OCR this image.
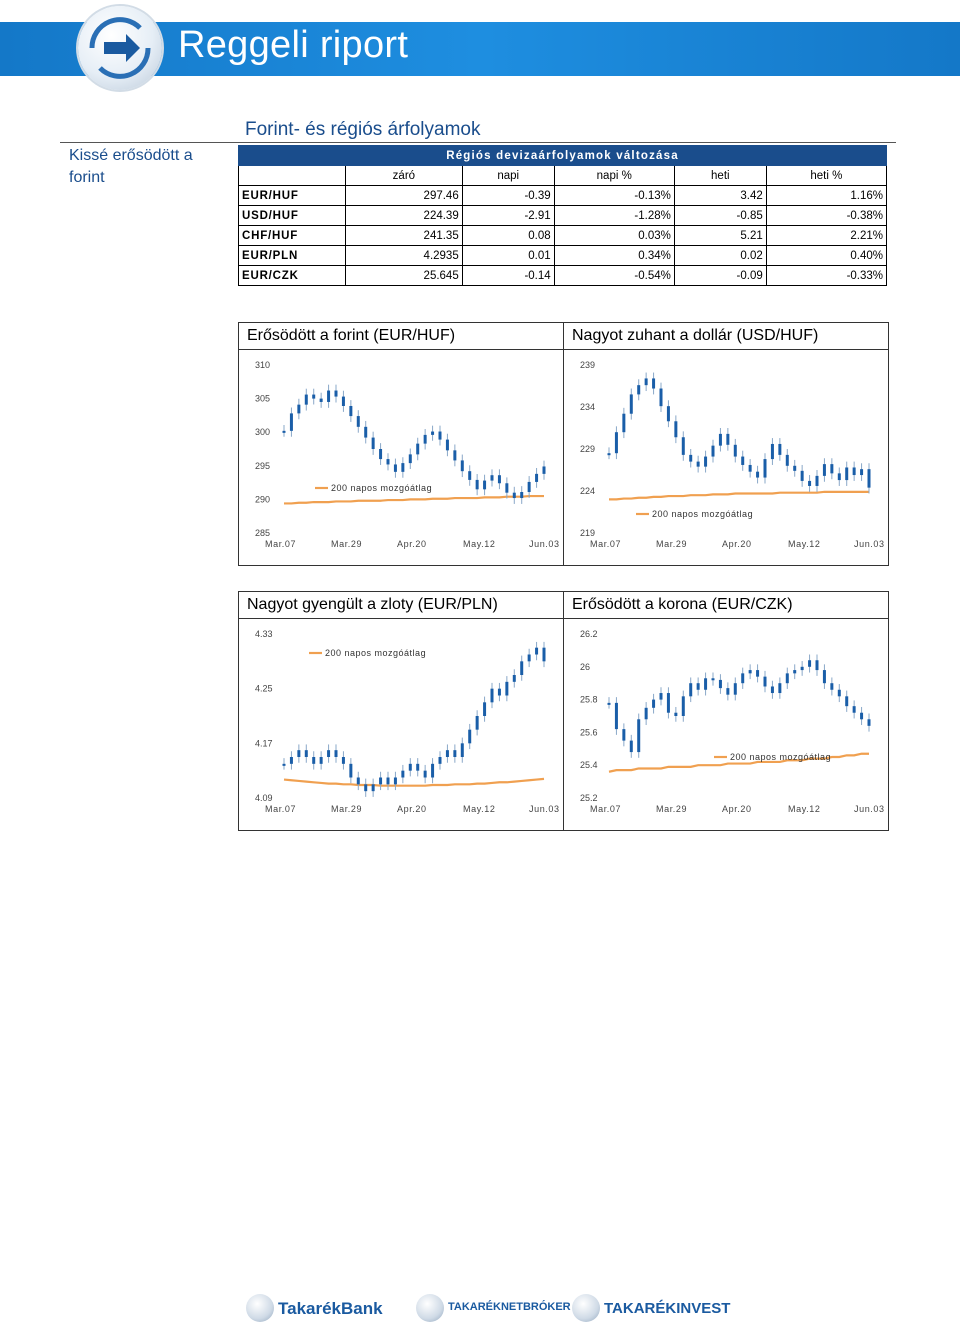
Reggeli riport
Forint- és régiós árfolyamok
Kissé erősödött a forint
Régiós devizaárfolyamok változása					
	záró	napi	napi %	heti	heti %
EUR/HUF	297.46	-0.39	-0.13%	3.42	1.16%
USD/HUF	224.39	-2.91	-1.28%	-0.85	-0.38%
CHF/HUF	241.35	0.08	0.03%	5.21	2.21%
EUR/PLN	4.2935	0.01	0.34%	0.02	0.40%
EUR/CZK	25.645	-0.14	-0.54%	-0.09	-0.33%
Erősödött a forint (EUR/HUF)
310
305
300
295
290
285
Mar.07	Mar.29	Apr.20	May.12	Jun.03
200 napos mozgóátlag
Nagyot zuhant a dollár (USD/HUF)
239
234
229
224
219
Mar.07	Mar.29	Apr.20	May.12	Jun.03
200 napos mozgóátlag
Nagyot gyengült a zloty (EUR/PLN)
4.33
4.25
4.17
4.09
Mar.07	Mar.29	Apr.20	May.12	Jun.03
200 napos mozgóátlag
Erősödött a korona (EUR/CZK)
26.2
26
25.8
25.6
25.4
25.2
Mar.07	Mar.29	Apr.20	May.12	Jun.03
200 napos mozgóátlag
TakarékBank	TAKARÉKNETBRÓKER TAKARÉKINVEST
